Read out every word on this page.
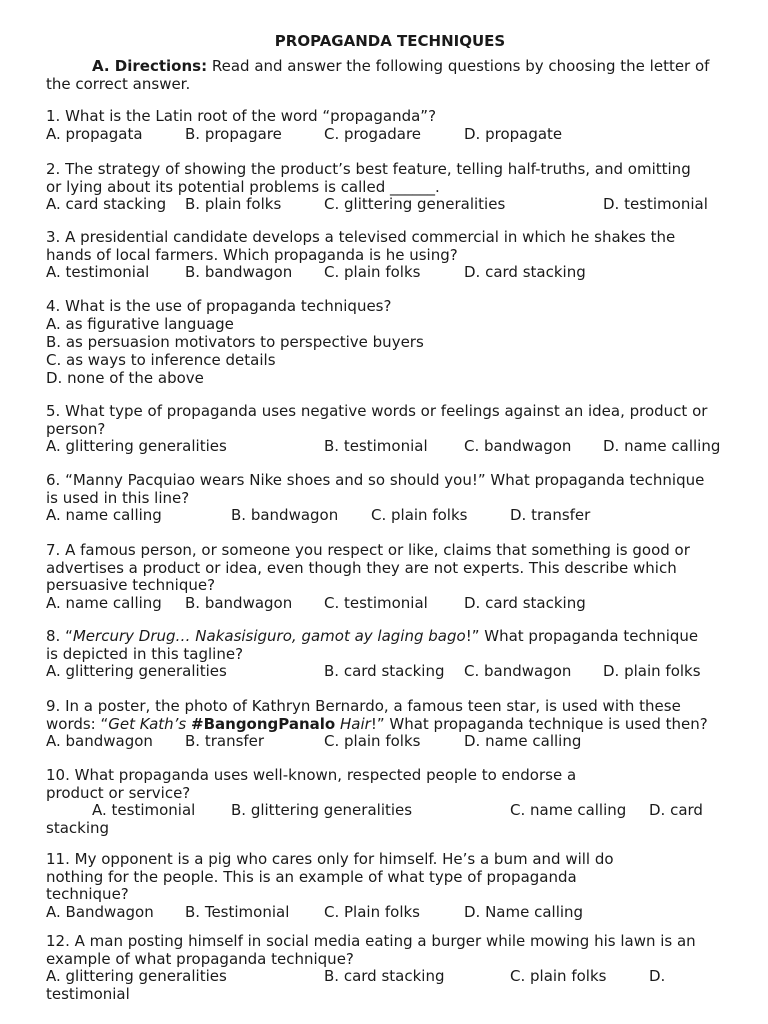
PROPAGANDA TECHNIQUES
A. Directions: Read and answer the following questions by choosing the letter of
the correct answer.
1. What is the Latin root of the word “propaganda”?
A. propagata	B. propagare	C. progadare	D. propagate
2. The strategy of showing the product’s best feature, telling half-truths, and omitting
or lying about its potential problems is called ______.
A. card stacking B. plain folks	C. glittering generalities	D. testimonial
3. A presidential candidate develops a televised commercial in which he shakes the
hands of local farmers. Which propaganda is he using?
A. testimonial B. bandwagon C. plain folks	D. card stacking
4. What is the use of propaganda techniques?
A. as figurative language
B. as persuasion motivators to perspective buyers
C. as ways to inference details
D. none of the above
5. What type of propaganda uses negative words or feelings against an idea, product or
person?
A. glittering generalities	B. testimonial C. bandwagon D. name calling
6. “Manny Pacquiao wears Nike shoes and so should you!” What propaganda technique
is used in this line?
A. name calling	B. bandwagon C. plain folks	D. transfer
7. A famous person, or someone you respect or like, claims that something is good or
advertises a product or idea, even though they are not experts. This describe which
persuasive technique?
A. name calling B. bandwagon C. testimonial D. card stacking
8. “Mercury Drug… Nakasisiguro, gamot ay laging bago!” What propaganda technique
is depicted in this tagline?
A. glittering generalities	B. card stacking C. bandwagon D. plain folks
9. In a poster, the photo of Kathryn Bernardo, a famous teen star, is used with these
words: “Get Kath’s #BangongPanalo Hair!” What propaganda technique is used then?
A. bandwagon B. transfer	C. plain folks	D. name calling
10. What propaganda uses well-known, respected people to endorse a
product or service?
A. testimonial B. glittering generalities	C. name calling D. card
stacking
11. My opponent is a pig who cares only for himself. He’s a bum and will do
nothing for the people. This is an example of what type of propaganda
technique?
A. Bandwagon B. Testimonial C. Plain folks	D. Name calling
12. A man posting himself in social media eating a burger while mowing his lawn is an
example of what propaganda technique?
A. glittering generalities	B. card stacking	C. plain folks	D.
testimonial
